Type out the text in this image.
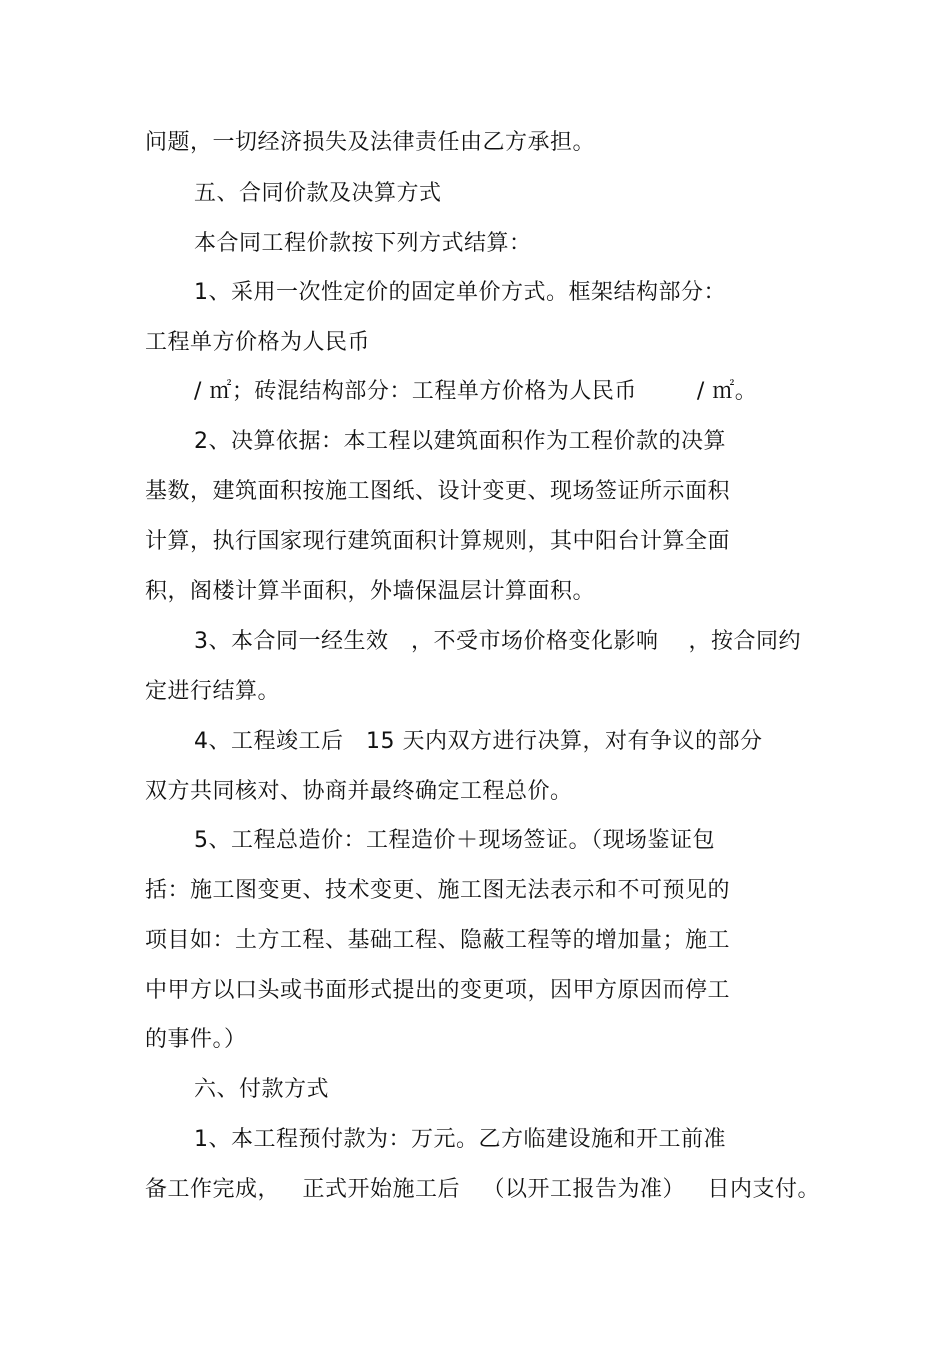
问题，一切经济损失及法律责任由乙方承担。
五、合同价款及决算方式
本合同工程价款按下列方式结算：
1、采用一次性定价的固定单价方式。框架结构部分：
工程单方价格为人民币
/ ㎡；砖混结构部分：工程单方价格为人民币        / ㎡。
2、决算依据：本工程以建筑面积作为工程价款的决算
基数，建筑面积按施工图纸、设计变更、现场签证所示面积
计算，执行国家现行建筑面积计算规则，其中阳台计算全面
积，阁楼计算半面积，外墙保温层计算面积。
3、本合同一经生效   ，不受市场价格变化影响    ，按合同约
定进行结算。
4、工程竣工后   15 天内双方进行决算，对有争议的部分
双方共同核对、协商并最终确定工程总价。
5、工程总造价：工程造价＋现场签证。（现场鉴证包
括：施工图变更、技术变更、施工图无法表示和不可预见的
项目如：土方工程、基础工程、隐蔽工程等的增加量；施工
中甲方以口头或书面形式提出的变更项，因甲方原因而停工
的事件。）
六、付款方式
1、本工程预付款为：万元。乙方临建设施和开工前准
备工作完成，   正式开始施工后   （以开工报告为准）   日内支付。
